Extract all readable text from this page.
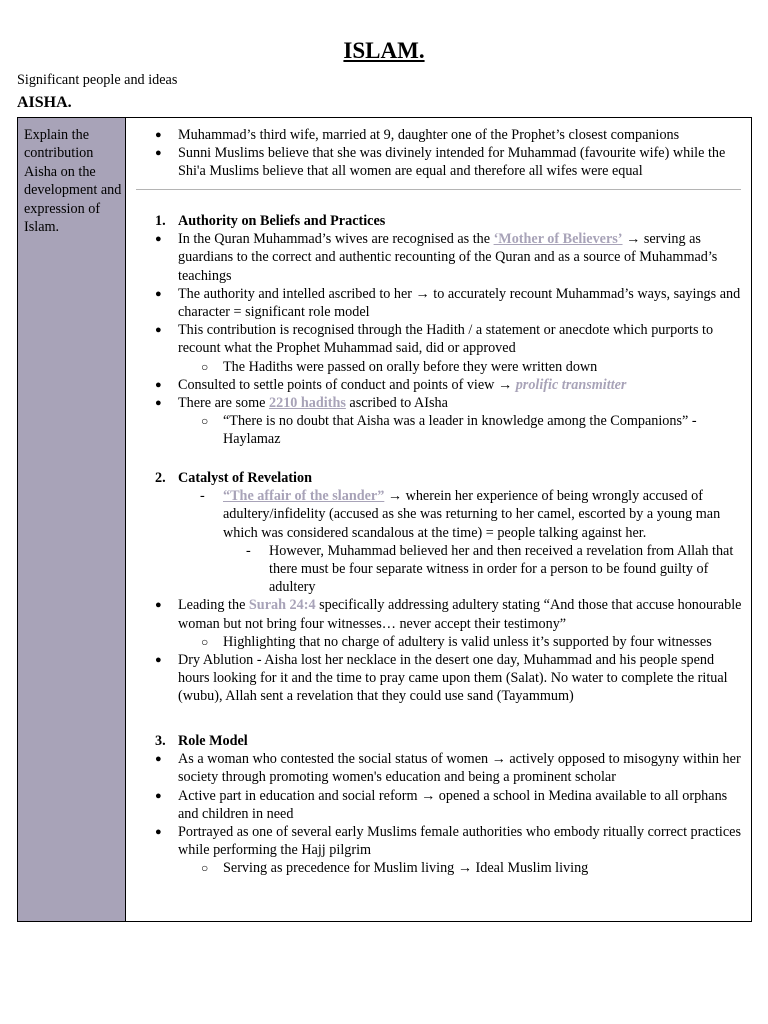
ISLAM.
Significant people and ideas
AISHA.
Explain the contribution Aisha on the development and expression of Islam.
● Muhammad’s third wife, married at 9, daughter one of the Prophet’s closest companions
● Sunni Muslims believe that she was divinely intended for Muhammad (favourite wife) while the Shi'a Muslims believe that all women are equal and therefore all wifes were equal
1. Authority on Beliefs and Practices
● In the Quran Muhammad’s wives are recognised as the ‘Mother of Believers’ → serving as guardians to the correct and authentic recounting of the Quran and as a source of Muhammad’s teachings
● The authority and intelled ascribed to her → to accurately recount Muhammad’s ways, sayings and character = significant role model
● This contribution is recognised through the Hadith / a statement or anecdote which purports to recount what the Prophet Muhammad said, did or approved
○ The Hadiths were passed on orally before they were written down
● Consulted to settle points of conduct and points of view → prolific transmitter
● There are some 2210 hadiths ascribed to AIsha
○ “There is no doubt that Aisha was a leader in knowledge among the Companions” - Haylamaz
2. Catalyst of Revelation
- “The affair of the slander” → wherein her experience of being wrongly accused of adultery/infidelity (accused as she was returning to her camel, escorted by a young man which was considered scandalous at the time) = people talking against her.
- However, Muhammad believed her and then received a revelation from Allah that there must be four separate witness in order for a person to be found guilty of adultery
● Leading the Surah 24:4 specifically addressing adultery stating “And those that accuse honourable woman but not bring four witnesses… never accept their testimony”
○ Highlighting that no charge of adultery is valid unless it’s supported by four witnesses
● Dry Ablution - Aisha lost her necklace in the desert one day, Muhammad and his people spend hours looking for it and the time to pray came upon them (Salat). No water to complete the ritual (wubu), Allah sent a revelation that they could use sand (Tayammum)
3. Role Model
● As a woman who contested the social status of women → actively opposed to misogyny within her society through promoting women's education and being a prominent scholar
● Active part in education and social reform → opened a school in Medina available to all orphans and children in need
● Portrayed as one of several early Muslims female authorities who embody ritually correct practices while performing the Hajj pilgrim
○ Serving as precedence for Muslim living → Ideal Muslim living
